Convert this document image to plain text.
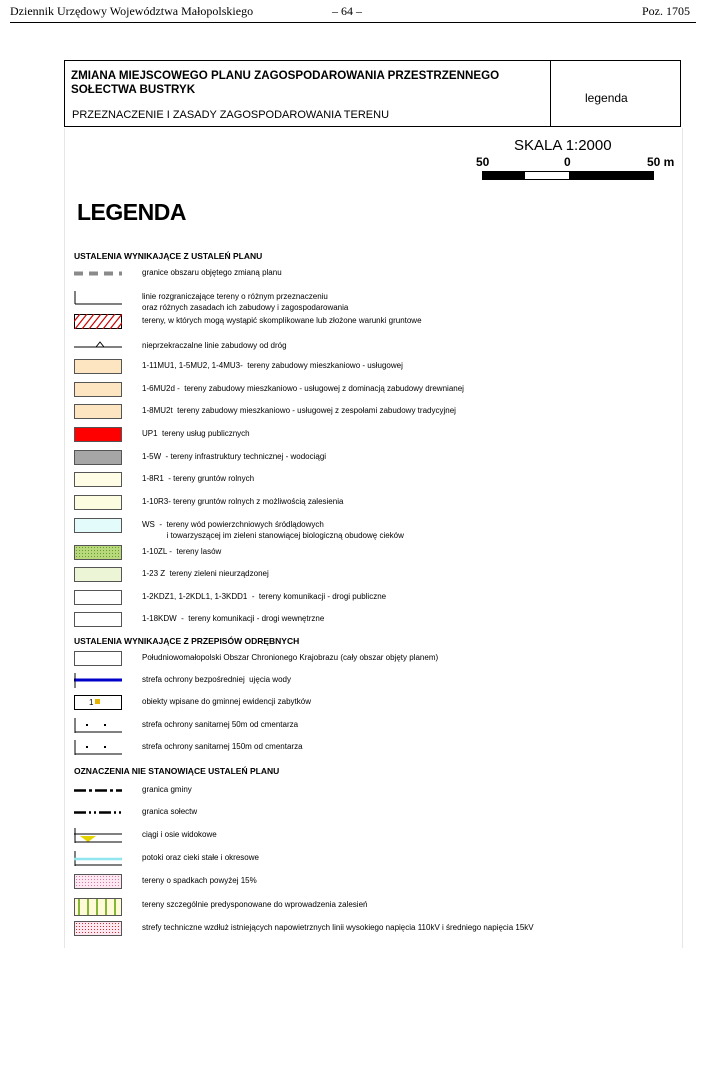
Dziennik Urzędowy Województwa Małopolskiego	– 64 –	Poz. 1705
ZMIANA MIEJSCOWEGO PLANU ZAGOSPODAROWANIA PRZESTRZENNEGO SOŁECTWA BUSTRYK
PRZEZNACZENIE I ZASADY ZAGOSPODAROWANIA TERENU
legenda
SKALA 1:2000
50	0	50 m
LEGENDA
USTALENIA WYNIKAJĄCE Z USTALEŃ PLANU
USTALENIA WYNIKAJĄCE Z PRZEPISÓW ODRĘBNYCH
OZNACZENIA NIE STANOWIĄCE USTALEŃ PLANU
granice obszaru objętego zmianą planu
linie rozgraniczające tereny o różnym przeznaczeniu
oraz różnych zasadach ich zabudowy i zagospodarowania
tereny, w których mogą wystąpić skomplikowane lub złożone warunki gruntowe
nieprzekraczalne linie zabudowy od dróg
1-11MU1, 1-5MU2, 1-4MU3-  tereny zabudowy mieszkaniowo - usługowej
1-6MU2d -  tereny zabudowy mieszkaniowo - usługowej z dominacją zabudowy drewnianej
1-8MU2t  tereny zabudowy mieszkaniowo - usługowej z zespołami zabudowy tradycyjnej
UP1  tereny usług publicznych
1-5W  - tereny infrastruktury technicznej - wodociągi
1-8R1  - tereny gruntów rolnych
1-10R3- tereny gruntów rolnych z możliwością zalesienia
WS  -  tereny wód powierzchniowych śródlądowych
i towarzyszącej im zieleni stanowiącej biologiczną obudowę cieków
1-10ZL -  tereny lasów
1-23 Z  tereny zieleni nieurządzonej
1-2KDZ1, 1-2KDL1, 1-3KDD1  -  tereny komunikacji - drogi publiczne
1-18KDW  -  tereny komunikacji - drogi wewnętrzne
Południowomałopolski Obszar Chronionego Krajobrazu (cały obszar objęty planem)
strefa ochrony bezpośredniej  ujęcia wody
1	obiekty wpisane do gminnej ewidencji zabytków
strefa ochrony sanitarnej 50m od cmentarza
strefa ochrony sanitarnej 150m od cmentarza
granica gminy
granica sołectw
ciągi i osie widokowe
potoki oraz cieki stałe i okresowe
tereny o spadkach powyżej 15%
tereny szczególnie predysponowane do wprowadzenia zalesień
strefy techniczne wzdłuż istniejących napowietrznych linii wysokiego napięcia 110kV i średniego napięcia 15kV
